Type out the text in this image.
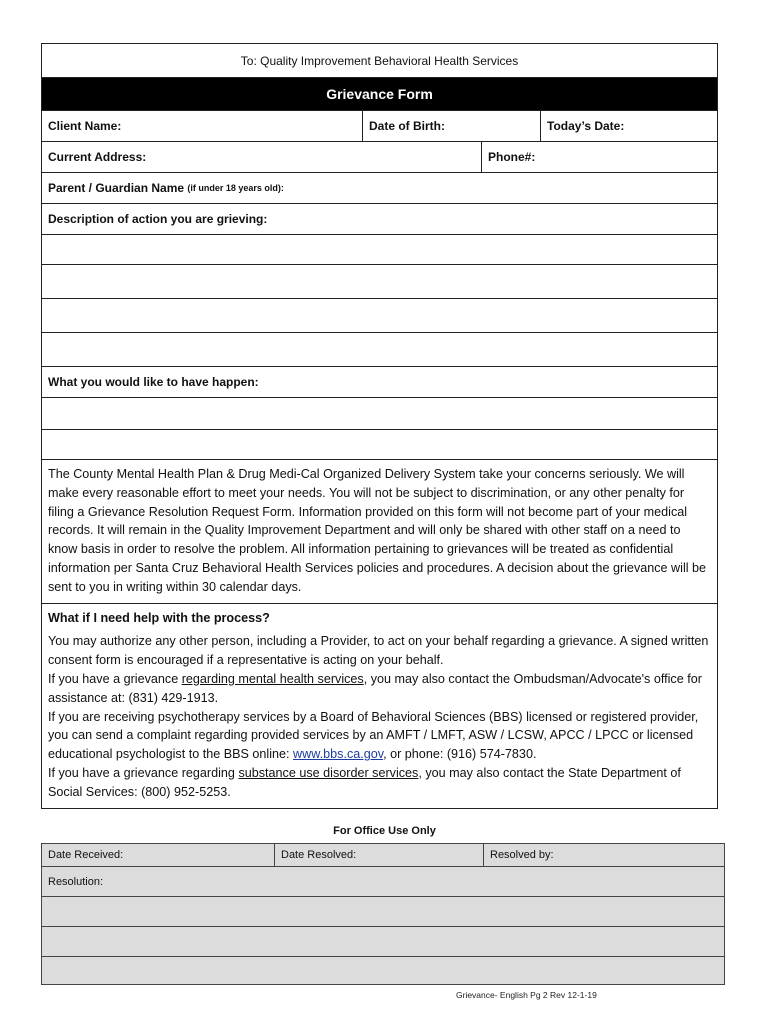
To: Quality Improvement Behavioral Health Services
Grievance Form
Client Name:	Date of Birth:	Today’s Date:
Current Address:	Phone#:
Parent / Guardian Name
(if under 18 years old):
Description of action you are grieving:
What you would like to have happen:
The County Mental Health Plan & Drug Medi-Cal Organized Delivery System take your concerns seriously. We will make every reasonable effort to meet your needs. You will not be subject to discrimination, or any other penalty for filing a Grievance Resolution Request Form. Information provided on this form will not become part of your medical records. It will remain in the Quality Improvement Department and will only be shared with other staff on a need to know basis in order to resolve the problem. All information pertaining to grievances will be treated as confidential information per Santa Cruz Behavioral Health Services policies and procedures. A decision about the grievance will be sent to you in writing within 30 calendar days.
What if I need help with the process?
You may authorize any other person, including a Provider, to act on your behalf regarding a grievance. A signed written consent form is encouraged if a representative is acting on your behalf.
If you have a grievance regarding mental health services, you may also contact the Ombudsman/Advocate's office for assistance at: (831) 429-1913.
If you are receiving psychotherapy services by a Board of Behavioral Sciences (BBS) licensed or registered provider, you can send a complaint regarding provided services by an AMFT / LMFT, ASW / LCSW, APCC / LPCC or licensed educational psychologist to the BBS online: www.bbs.ca.gov, or phone: (916) 574-7830.
If you have a grievance regarding substance use disorder services, you may also contact the State Department of Social Services: (800) 952-5253.
For Office Use Only
Date Received:	Date Resolved:	Resolved by:
Resolution:
Grievance- English Pg 2 Rev 12-1-19
